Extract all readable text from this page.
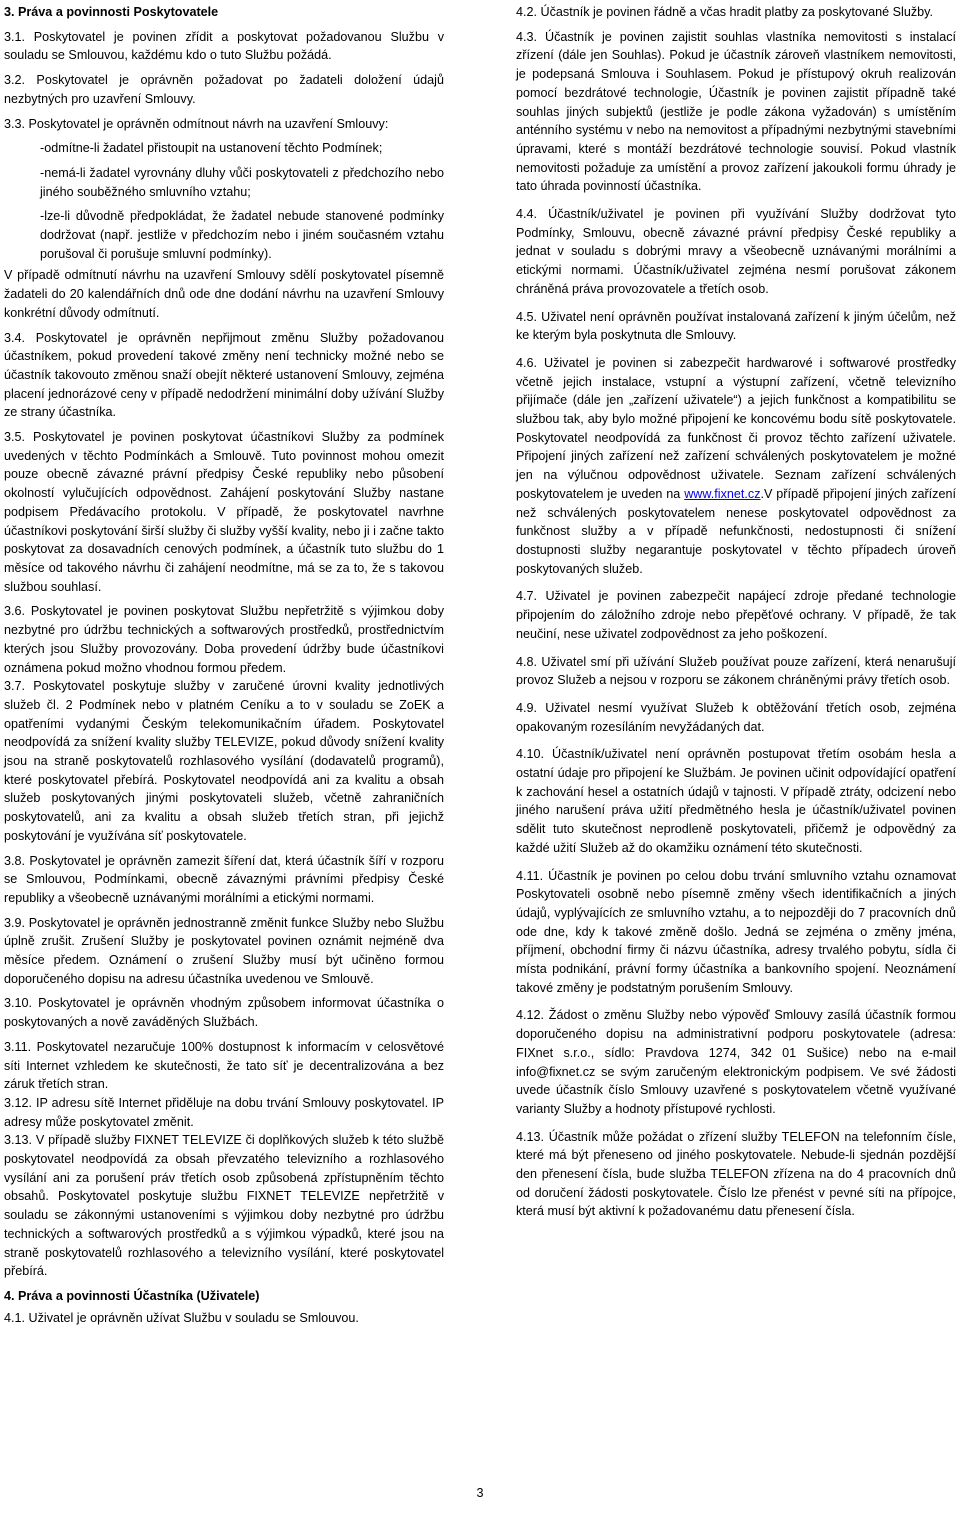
3. Práva a povinnosti Poskytovatele

3.1. Poskytovatel je povinen zřídit a poskytovat požadovanou Službu v souladu se Smlouvou, každému kdo o tuto Službu požádá.

3.2. Poskytovatel je oprávněn požadovat po žadateli doložení údajů nezbytných pro uzavření Smlouvy.

3.3. Poskytovatel je oprávněn odmítnout návrh na uzavření Smlouvy:

-odmítne-li žadatel přistoupit na ustanovení těchto Podmínek;

-nemá-li žadatel vyrovnány dluhy vůči poskytovateli z předchozího nebo jiného souběžného smluvního vztahu;

-lze-li důvodně předpokládat, že žadatel nebude stanovené podmínky dodržovat (např. jestliže v předchozím nebo i jiném současném vztahu porušoval či porušuje smluvní podmínky).

V případě odmítnutí návrhu na uzavření Smlouvy sdělí poskytovatel písemně žadateli do 20 kalendářních dnů ode dne dodání návrhu na uzavření Smlouvy konkrétní důvody odmítnutí.

3.4. Poskytovatel je oprávněn nepřijmout změnu Služby požadovanou účastníkem, pokud provedení takové změny není technicky možné nebo se účastník takovouto změnou snaží obejít některé ustanovení Smlouvy, zejména placení jednorázové ceny v případě nedodržení minimální doby užívání Služby ze strany účastníka.

3.5. Poskytovatel je povinen poskytovat účastníkovi Služby za podmínek uvedených v těchto Podmínkách a Smlouvě. Tuto povinnost mohou omezit pouze obecně závazné právní předpisy České republiky nebo působení okolností vylučujících odpovědnost. Zahájení poskytování Služby nastane podpisem Předávacího protokolu. V případě, že poskytovatel navrhne účastníkovi poskytování širší služby či služby vyšší kvality, nebo ji i začne takto poskytovat za dosavadních cenových podmínek, a účastník tuto službu do 1 měsíce od takového návrhu či zahájení neodmítne, má se za to, že s takovou službou souhlasí.

3.6. Poskytovatel je povinen poskytovat Službu nepřetržitě s výjimkou doby nezbytné pro údržbu technických a softwarových prostředků, prostřednictvím kterých jsou Služby provozovány. Doba provedení údržby bude účastníkovi oznámena pokud možno vhodnou formou předem.

3.7. Poskytovatel poskytuje služby v zaručené úrovni kvality jednotlivých služeb čl. 2 Podmínek nebo v platném Ceníku a to v souladu se ZoEK a opatřeními vydanými Českým telekomunikačním úřadem. Poskytovatel neodpovídá za snížení kvality služby TELEVIZE, pokud důvody snížení kvality jsou na straně poskytovatelů rozhlasového vysílání (dodavatelů programů), které poskytovatel přebírá. Poskytovatel neodpovídá ani za kvalitu a obsah služeb poskytovaných jinými poskytovateli služeb, včetně zahraničních poskytovatelů, ani za kvalitu a obsah služeb třetích stran, při jejichž poskytování je využívána síť poskytovatele.

3.8. Poskytovatel je oprávněn zamezit šíření dat, která účastník šíří v rozporu se Smlouvou, Podmínkami, obecně závaznými právními předpisy České republiky a všeobecně uznávanými morálními a etickými normami.

3.9. Poskytovatel je oprávněn jednostranně změnit funkce Služby nebo Službu úplně zrušit. Zrušení Služby je poskytovatel povinen oznámit nejméně dva měsíce předem. Oznámení o zrušení Služby musí být učiněno formou doporučeného dopisu na adresu účastníka uvedenou ve Smlouvě.

3.10. Poskytovatel je oprávněn vhodným způsobem informovat účastníka o poskytovaných a nově zaváděných Službách.

3.11. Poskytovatel nezaručuje 100% dostupnost k informacím v celosvětové síti Internet vzhledem ke skutečnosti, že tato síť je decentralizována a bez záruk třetích stran.

3.12. IP adresu sítě Internet přiděluje na dobu trvání Smlouvy poskytovatel. IP adresy může poskytovatel změnit.

3.13. V případě služby FIXNET TELEVIZE či doplňkových služeb k této službě poskytovatel neodpovídá za obsah převzatého televizního a rozhlasového vysílání ani za porušení práv třetích osob způsobená zpřístupněním těchto obsahů. Poskytovatel poskytuje službu FIXNET TELEVIZE nepřetržitě v souladu se zákonnými ustanoveními s výjimkou doby nezbytné pro údržbu technických a softwarových prostředků a s výjimkou výpadků, které jsou na straně poskytovatelů rozhlasového a televizního vysílání, které poskytovatel přebírá.

4. Práva a povinnosti Účastníka (Uživatele)

4.1. Uživatel je oprávněn užívat Službu v souladu se Smlouvou.

4.2. Účastník je povinen řádně a včas hradit platby za poskytované Služby.

4.3. Účastník je povinen zajistit souhlas vlastníka nemovitosti s instalací zřízení (dále jen Souhlas). Pokud je účastník zároveň vlastníkem nemovitosti, je podepsaná Smlouva i Souhlasem. Pokud je přístupový okruh realizován pomocí bezdrátové technologie, Účastník je povinen zajistit případně také souhlas jiných subjektů (jestliže je podle zákona vyžadován) s umístěním anténního systému v nebo na nemovitost a případnými nezbytnými stavebními úpravami, které s montáží bezdrátové technologie souvisí. Pokud vlastník nemovitosti požaduje za umístění a provoz zařízení jakoukoli formu úhrady je tato úhrada povinností účastníka.

4.4. Účastník/uživatel je povinen při využívání Služby dodržovat tyto Podmínky, Smlouvu, obecně závazné právní předpisy České republiky a jednat v souladu s dobrými mravy a všeobecně uznávanými morálními a etickými normami. Účastník/uživatel zejména nesmí porušovat zákonem chráněná práva provozovatele a třetích osob.

4.5. Uživatel není oprávněn používat instalovaná zařízení k jiným účelům, než ke kterým byla poskytnuta dle Smlouvy.

4.6. Uživatel je povinen si zabezpečit hardwarové i softwarové prostředky včetně jejich instalace, vstupní a výstupní zařízení, včetně televizního přijímače (dále jen „zařízení uživatele“) a jejich funkčnost a kompatibilitu se službou tak, aby bylo možné připojení ke koncovému bodu sítě poskytovatele. Poskytovatel neodpovídá za funkčnost či provoz těchto zařízení uživatele. Připojení jiných zařízení než zařízení schválených poskytovatelem je možné jen na výlučnou odpovědnost uživatele. Seznam zařízení schválených poskytovatelem je uveden na www.fixnet.cz.V případě připojení jiných zařízení než schválených poskytovatelem nenese poskytovatel odpovědnost za funkčnost služby a v případě nefunkčnosti, nedostupnosti či snížení dostupnosti služby negarantuje poskytovatel v těchto případech úroveň poskytovaných služeb.

4.7. Uživatel je povinen zabezpečit napájecí zdroje předané technologie připojením do záložního zdroje nebo přepěťové ochrany. V případě, že tak neučiní, nese uživatel zodpovědnost za jeho poškození.

4.8. Uživatel smí při užívání Služeb používat pouze zařízení, která nenarušují provoz Služeb a nejsou v rozporu se zákonem chráněnými právy třetích osob.

4.9. Uživatel nesmí využívat Služeb k obtěžování třetích osob, zejména opakovaným rozesíláním nevyžádaných dat.

4.10. Účastník/uživatel není oprávněn postupovat třetím osobám hesla a ostatní údaje pro připojení ke Službám. Je povinen učinit odpovídající opatření k zachování hesel a ostatních údajů v tajnosti. V případě ztráty, odcizení nebo jiného narušení práva užití předmětného hesla je účastník/uživatel povinen sdělit tuto skutečnost neprodleně poskytovateli, přičemž je odpovědný za každé užití Služeb až do okamžiku oznámení této skutečnosti.

4.11. Účastník je povinen po celou dobu trvání smluvního vztahu oznamovat Poskytovateli osobně nebo písemně změny všech identifikačních a jiných údajů, vyplývajících ze smluvního vztahu, a to nejpozději do 7 pracovních dnů ode dne, kdy k takové změně došlo. Jedná se zejména o změny jména, příjmení, obchodní firmy či názvu účastníka, adresy trvalého pobytu, sídla či místa podnikání, právní formy účastníka a bankovního spojení. Neoznámení takové změny je podstatným porušením Smlouvy.

4.12. Žádost o změnu Služby nebo výpověď Smlouvy zasílá účastník formou doporučeného dopisu na administrativní podporu poskytovatele (adresa: FIXnet s.r.o., sídlo: Pravdova 1274, 342 01 Sušice) nebo na e-mail info@fixnet.cz se svým zaručeným elektronickým podpisem. Ve své žádosti uvede účastník číslo Smlouvy uzavřené s poskytovatelem včetně využívané varianty Služby a hodnoty přístupové rychlosti.

4.13. Účastník může požádat o zřízení služby TELEFON na telefonním čísle, které má být přeneseno od jiného poskytovatele. Nebude-li sjednán pozdější den přenesení čísla, bude služba TELEFON zřízena na do 4 pracovních dnů od doručení žádosti poskytovatele. Číslo lze přenést v pevné síti na přípojce, která musí být aktivní k požadovanému datu přenesení čísla.

3
